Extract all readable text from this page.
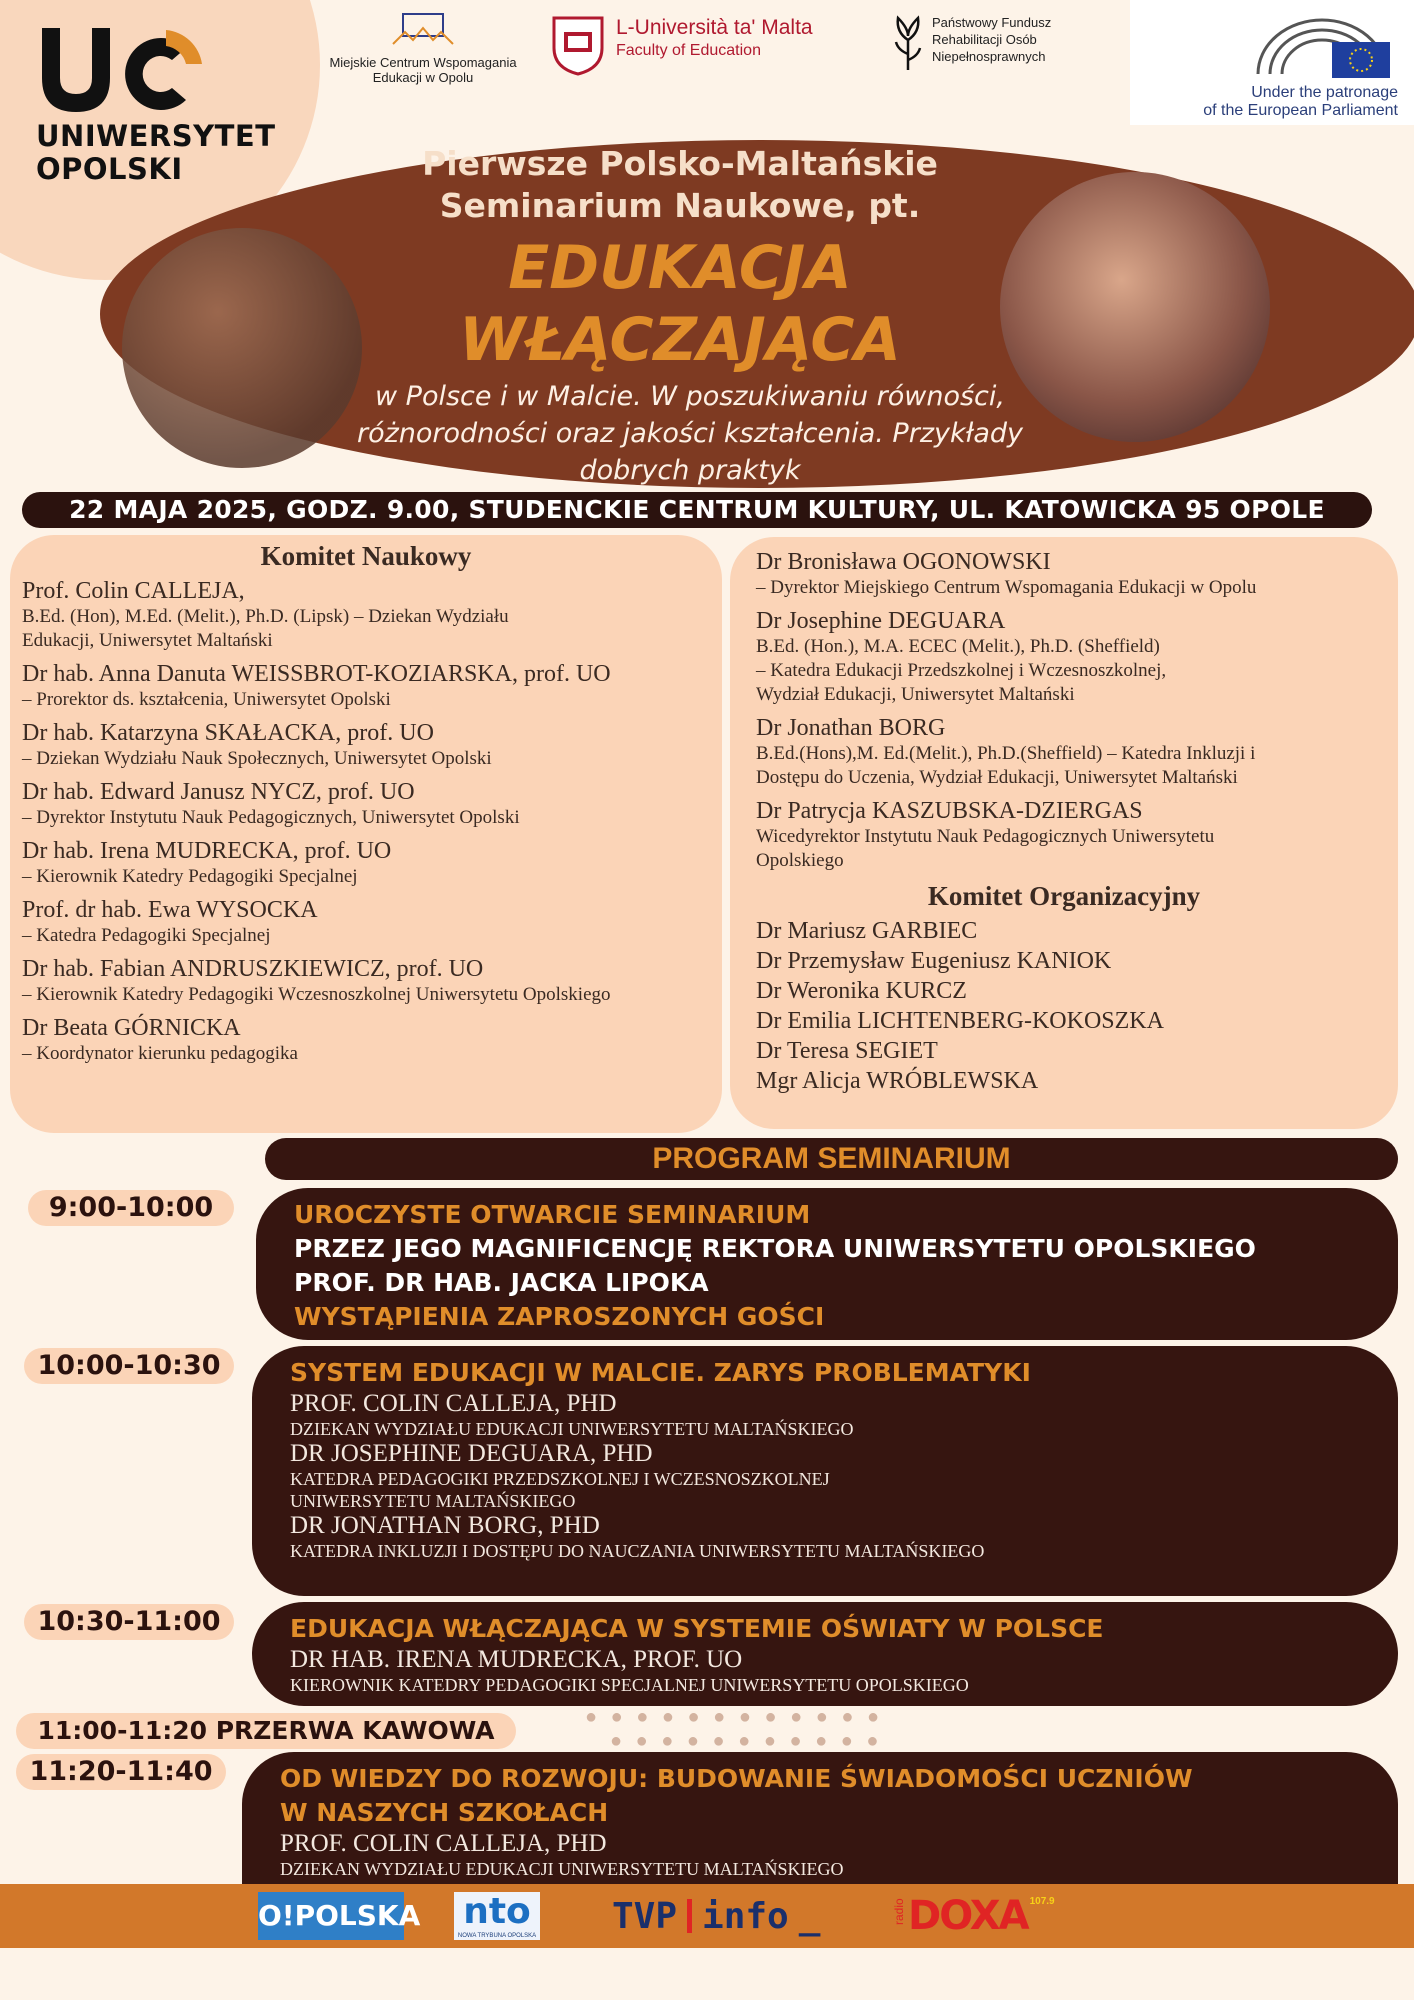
UNIWERSYTET
OPOLSKI
Miejskie Centrum Wspomagania
Edukacji w Opolu
L-Università ta' Malta
Faculty of Education
Państwowy Fundusz
Rehabilitacji Osób
Niepełnosprawnych
Under the patronage
of the European Parliament
Pierwsze Polsko-Maltańskie
Seminarium Naukowe, pt.
EDUKACJA
WŁĄCZAJĄCA
w Polsce i w Malcie. W poszukiwaniu równości,
różnorodności oraz jakości kształcenia. Przykłady
dobrych praktyk
22 MAJA 2025, GODZ. 9.00, STUDENCKIE CENTRUM KULTURY, UL. KATOWICKA 95 OPOLE
Komitet Naukowy
Prof. Colin CALLEJA,
B.Ed. (Hon), M.Ed. (Melit.), Ph.D. (Lipsk) – Dziekan Wydziału
Edukacji, Uniwersytet Maltański
Dr hab. Anna Danuta WEISSBROT-KOZIARSKA, prof. UO
– Prorektor ds. kształcenia, Uniwersytet Opolski
Dr hab. Katarzyna SKAŁACKA, prof. UO
– Dziekan Wydziału Nauk Społecznych, Uniwersytet Opolski
Dr hab. Edward Janusz NYCZ, prof. UO
– Dyrektor Instytutu Nauk Pedagogicznych, Uniwersytet Opolski
Dr hab. Irena MUDRECKA, prof. UO
– Kierownik Katedry Pedagogiki Specjalnej
Prof. dr hab. Ewa WYSOCKA
– Katedra Pedagogiki Specjalnej
Dr hab. Fabian ANDRUSZKIEWICZ, prof. UO
– Kierownik Katedry Pedagogiki Wczesnoszkolnej Uniwersytetu Opolskiego
Dr Beata GÓRNICKA
– Koordynator kierunku pedagogika
Dr Bronisława OGONOWSKI
– Dyrektor Miejskiego Centrum Wspomagania Edukacji w Opolu
Dr Josephine DEGUARA
B.Ed. (Hon.), M.A. ECEC (Melit.), Ph.D. (Sheffield)
– Katedra Edukacji Przedszkolnej i Wczesnoszkolnej,
Wydział Edukacji, Uniwersytet Maltański
Dr Jonathan BORG
B.Ed.(Hons),M. Ed.(Melit.), Ph.D.(Sheffield) – Katedra Inkluzji i
Dostępu do Uczenia, Wydział Edukacji, Uniwersytet Maltański
Dr Patrycja KASZUBSKA-DZIERGAS
Wicedyrektor Instytutu Nauk Pedagogicznych Uniwersytetu
Opolskiego
Komitet Organizacyjny
Dr Mariusz GARBIEC
Dr Przemysław Eugeniusz KANIOK
Dr Weronika KURCZ
Dr Emilia LICHTENBERG-KOKOSZKA
Dr Teresa SEGIET
Mgr Alicja WRÓBLEWSKA
PROGRAM SEMINARIUM
9:00-10:00	UROCZYSTE OTWARCIE SEMINARIUM
PRZEZ JEGO MAGNIFICENCJĘ REKTORA UNIWERSYTETU OPOLSKIEGO
PROF. DR HAB. JACKA LIPOKA
WYSTĄPIENIA ZAPROSZONYCH GOŚCI
10:00-10:30	SYSTEM EDUKACJI W MALCIE. ZARYS PROBLEMATYKI
PROF. COLIN CALLEJA, PHD
DZIEKAN WYDZIAŁU EDUKACJI UNIWERSYTETU MALTAŃSKIEGO
DR JOSEPHINE DEGUARA, PHD
KATEDRA PEDAGOGIKI PRZEDSZKOLNEJ I WCZESNOSZKOLNEJ
UNIWERSYTETU MALTAŃSKIEGO
DR JONATHAN BORG, PHD
KATEDRA INKLUZJI I DOSTĘPU DO NAUCZANIA UNIWERSYTETU MALTAŃSKIEGO
10:30-11:00	EDUKACJA WŁĄCZAJĄCA W SYSTEMIE OŚWIATY W POLSCE
DR HAB. IRENA MUDRECKA, PROF. UO
KIEROWNIK KATEDRY PEDAGOGIKI SPECJALNEJ UNIWERSYTETU OPOLSKIEGO
11:00-11:20 PRZERWA KAWOWA	● ● ● ● ● ● ● ● ● ● ● ●
● ● ● ● ● ● ● ● ● ● ●
11:20-11:40	OD WIEDZY DO ROZWOJU: BUDOWANIE ŚWIADOMOŚCI UCZNIÓW
W NASZYCH SZKOŁACH
PROF. COLIN CALLEJA, PHD
DZIEKAN WYDZIAŁU EDUKACJI UNIWERSYTETU MALTAŃSKIEGO
O!POLSKA nto
NOWA TRYBUNA OPOLSKA TVP info _	radio DOXA 107.9
